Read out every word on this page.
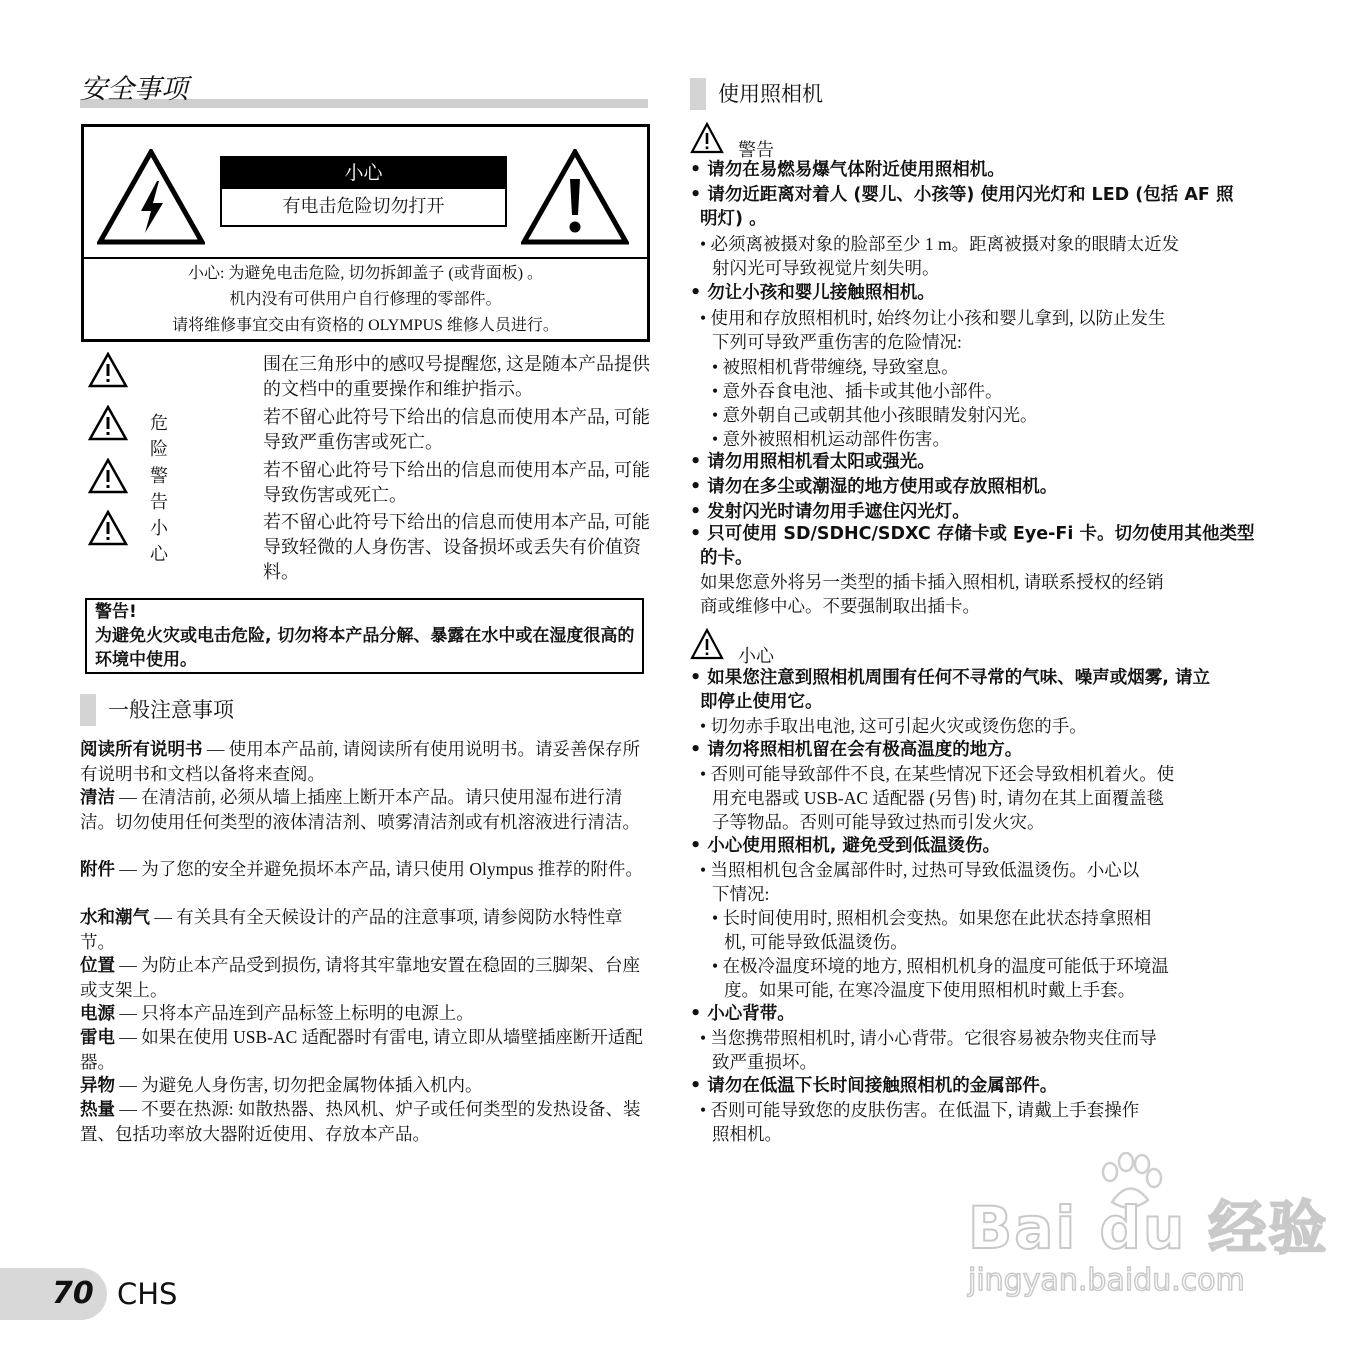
安全事项
小心
有电击危险切勿打开
小心: 为避免电击危险, 切勿拆卸盖子 (或背面板) 。
机内没有可供用户自行修理的零部件。
请将维修事宜交由有资格的 OLYMPUS 维修人员进行。
围在三角形中的感叹号提醒您, 这是随本产品提供的文档中的重要操作和维护指示。
危险
若不留心此符号下给出的信息而使用本产品, 可能导致严重伤害或死亡。
警告
若不留心此符号下给出的信息而使用本产品, 可能导致伤害或死亡。
小心
若不留心此符号下给出的信息而使用本产品, 可能导致轻微的人身伤害、设备损坏或丢失有价值资料。
警告!
为避免火灾或电击危险, 切勿将本产品分解、暴露在水中或在湿度很高的环境中使用。
一般注意事项
阅读所有说明书 — 使用本产品前, 请阅读所有使用说明书。请妥善保存所有说明书和文档以备将来查阅。
清洁 — 在清洁前, 必须从墙上插座上断开本产品。请只使用湿布进行清洁。切勿使用任何类型的液体清洁剂、喷雾清洁剂或有机溶液进行清洁。
附件 — 为了您的安全并避免损坏本产品, 请只使用 Olympus 推荐的附件。
水和潮气 — 有关具有全天候设计的产品的注意事项, 请参阅防水特性章节。
位置 — 为防止本产品受到损伤, 请将其牢靠地安置在稳固的三脚架、台座或支架上。
电源 — 只将本产品连到产品标签上标明的电源上。
雷电 — 如果在使用 USB-AC 适配器时有雷电, 请立即从墙壁插座断开适配器。
异物 — 为避免人身伤害, 切勿把金属物体插入机内。
热量 — 不要在热源: 如散热器、热风机、炉子或任何类型的发热设备、装置、包括功率放大器附近使用、存放本产品。
使用照相机
警告
• 请勿在易燃易爆气体附近使用照相机。
• 请勿近距离对着人 (婴儿、小孩等) 使用闪光灯和 LED (包括 AF 照
明灯) 。
• 必须离被摄对象的脸部至少 1 m。距离被摄对象的眼睛太近发
射闪光可导致视觉片刻失明。
• 勿让小孩和婴儿接触照相机。
• 使用和存放照相机时, 始终勿让小孩和婴儿拿到, 以防止发生
下列可导致严重伤害的危险情况:
• 被照相机背带缠绕, 导致窒息。
• 意外吞食电池、插卡或其他小部件。
• 意外朝自己或朝其他小孩眼睛发射闪光。
• 意外被照相机运动部件伤害。
• 请勿用照相机看太阳或强光。
• 请勿在多尘或潮湿的地方使用或存放照相机。
• 发射闪光时请勿用手遮住闪光灯。
• 只可使用 SD/SDHC/SDXC 存储卡或 Eye-Fi 卡。切勿使用其他类型
的卡。
如果您意外将另一类型的插卡插入照相机, 请联系授权的经销
商或维修中心。不要强制取出插卡。
小心
• 如果您注意到照相机周围有任何不寻常的气味、噪声或烟雾, 请立
即停止使用它。
• 切勿赤手取出电池, 这可引起火灾或烫伤您的手。
• 请勿将照相机留在会有极高温度的地方。
• 否则可能导致部件不良, 在某些情况下还会导致相机着火。使
用充电器或 USB-AC 适配器 (另售) 时, 请勿在其上面覆盖毯
子等物品。否则可能导致过热而引发火灾。
• 小心使用照相机, 避免受到低温烫伤。
• 当照相机包含金属部件时, 过热可导致低温烫伤。小心以
下情况:
• 长时间使用时, 照相机会变热。如果您在此状态持拿照相
机, 可能导致低温烫伤。
• 在极冷温度环境的地方, 照相机机身的温度可能低于环境温
度。如果可能, 在寒冷温度下使用照相机时戴上手套。
• 小心背带。
• 当您携带照相机时, 请小心背带。它很容易被杂物夹住而导
致严重损坏。
• 请勿在低温下长时间接触照相机的金属部件。
• 否则可能导致您的皮肤伤害。在低温下, 请戴上手套操作
照相机。
70 CHS
Bai du 经验
jingyan.baidu.com
